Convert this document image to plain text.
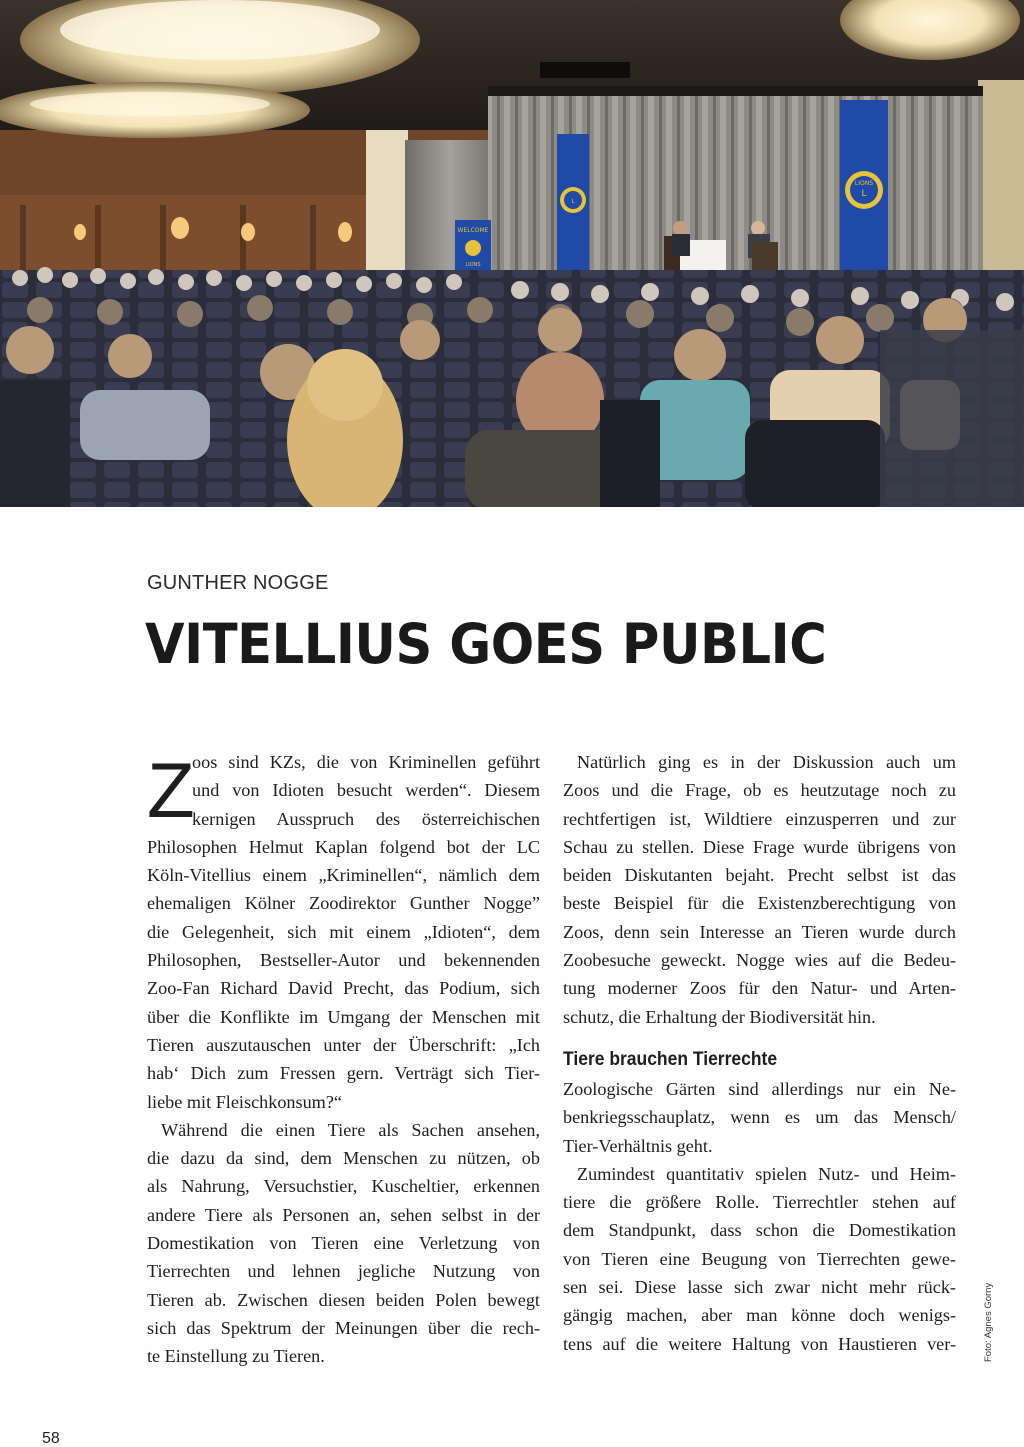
L
LIONS
L
WELCOME
LIONS
GUNTHER NOGGE
VITELLIUS GOES PUBLIC
Z
oos sind KZs, die von Kriminellen geführt
und von Idioten besucht werden“. Diesem
kernigen Ausspruch des österreichischen
Philosophen Helmut Kaplan folgend bot der LC
Köln-Vitellius einem „Kriminellen“, nämlich dem
ehemaligen Kölner Zoodirektor Gunther Nogge”
die Gelegenheit, sich mit einem „Idioten“, dem
Philosophen, Bestseller-Autor und bekennenden
Zoo-Fan Richard David Precht, das Podium, sich
über die Konflikte im Umgang der Menschen mit
Tieren auszutauschen unter der Überschrift: „Ich
hab‘ Dich zum Fressen gern. Verträgt sich Tier-
liebe mit Fleischkonsum?“
Während die einen Tiere als Sachen ansehen,
die dazu da sind, dem Menschen zu nützen, ob
als Nahrung, Versuchstier, Kuscheltier, erkennen
andere Tiere als Personen an, sehen selbst in der
Domestikation von Tieren eine Verletzung von
Tierrechten und lehnen jegliche Nutzung von
Tieren ab. Zwischen diesen beiden Polen bewegt
sich das Spektrum der Meinungen über die rech-
te Einstellung zu Tieren.
Natürlich ging es in der Diskussion auch um
Zoos und die Frage, ob es heutzutage noch zu
rechtfertigen ist, Wildtiere einzusperren und zur
Schau zu stellen. Diese Frage wurde übrigens von
beiden Diskutanten bejaht. Precht selbst ist das
beste Beispiel für die Existenzberechtigung von
Zoos, denn sein Interesse an Tieren wurde durch
Zoobesuche geweckt. Nogge wies auf die Bedeu-
tung moderner Zoos für den Natur- und Arten-
schutz, die Erhaltung der Biodiversität hin.
Tiere brauchen Tierrechte
Zoologische Gärten sind allerdings nur ein Ne-
benkriegsschauplatz, wenn es um das Mensch/
Tier-Verhältnis geht.
Zumindest quantitativ spielen Nutz- und Heim-
tiere die größere Rolle. Tierrechtler stehen auf
dem Standpunkt, dass schon die Domestikation
von Tieren eine Beugung von Tierrechten gewe-
sen sei. Diese lasse sich zwar nicht mehr rück-
gängig machen, aber man könne doch wenigs-
tens auf die weitere Haltung von Haustieren ver-	Foto: Agnes Gorny
58
